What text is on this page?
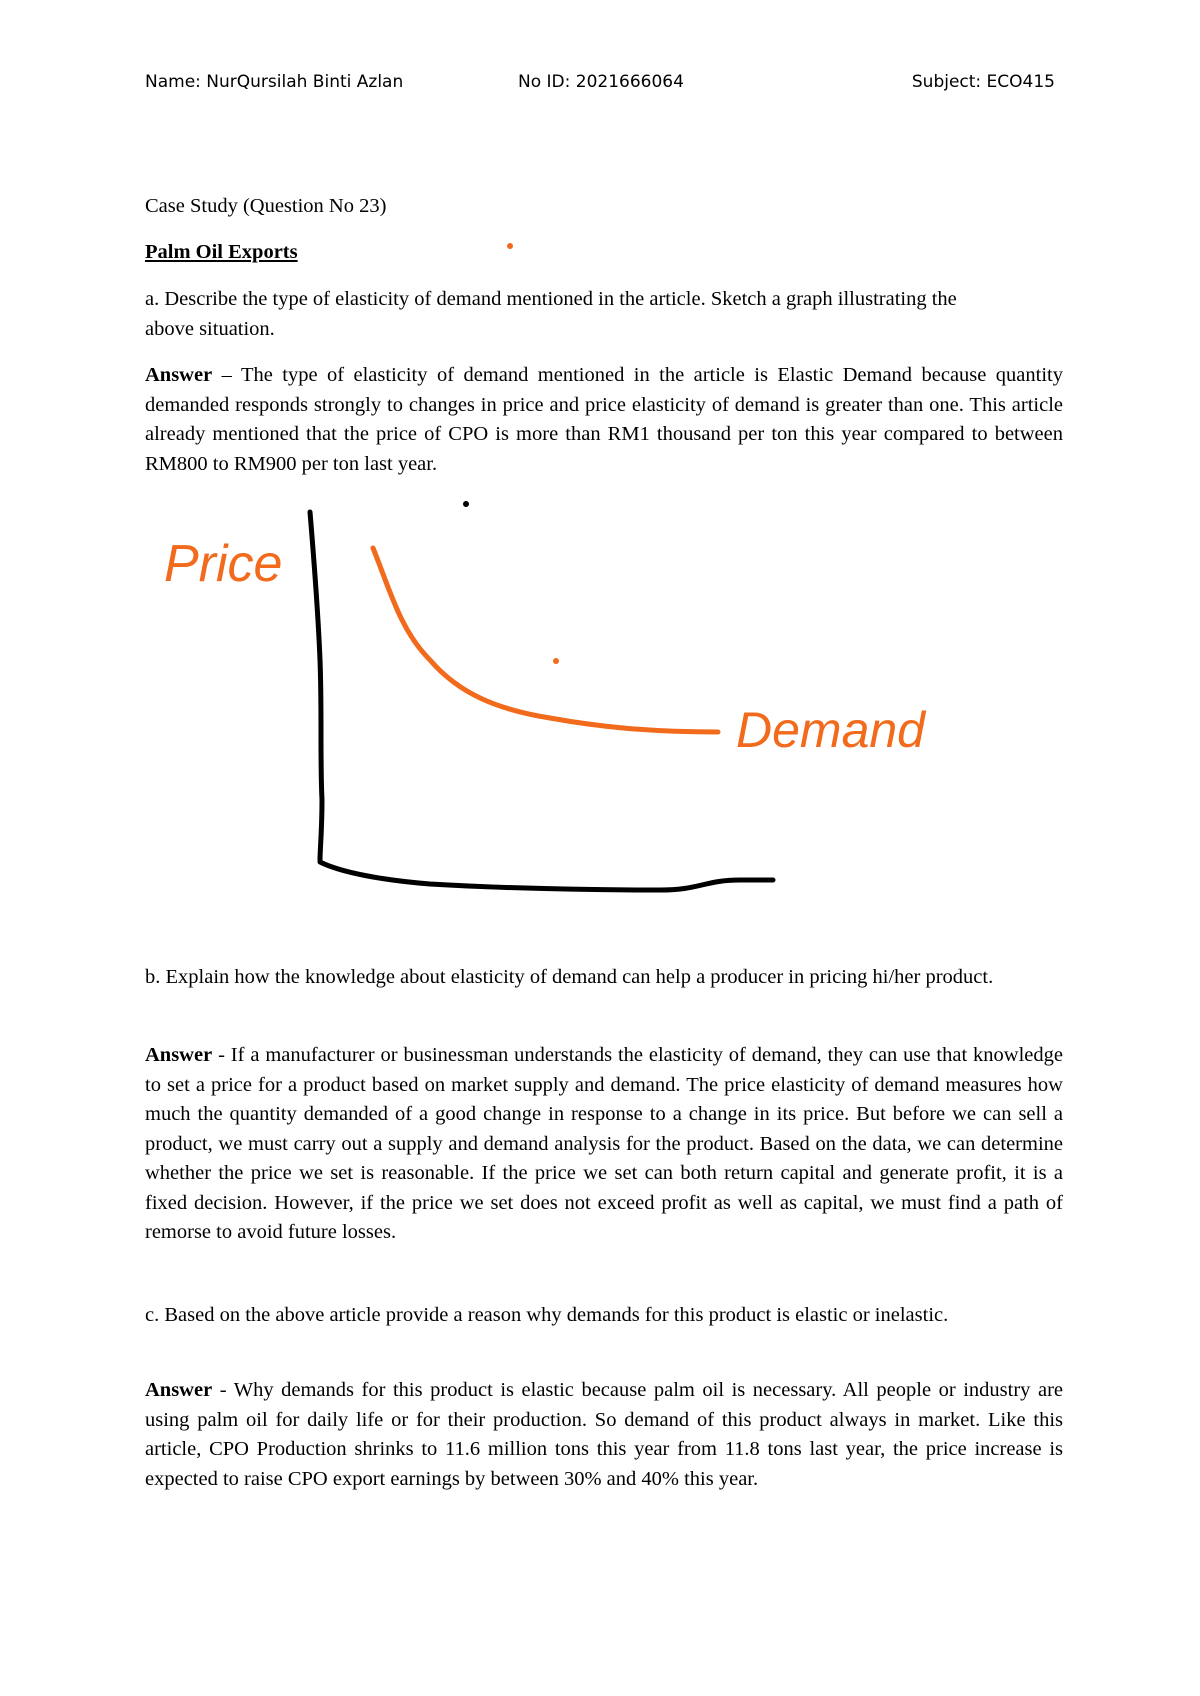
Name: NurQursilah Binti Azlan	No ID: 2021666064	Subject: ECO415

Case Study (Question No 23)

Palm Oil Exports

a. Describe the type of elasticity of demand mentioned in the article. Sketch a graph illustrating the above situation.

Answer – The type of elasticity of demand mentioned in the article is Elastic Demand because quantity demanded responds strongly to changes in price and price elasticity of demand is greater than one. This article already mentioned that the price of CPO is more than RM1 thousand per ton this year compared to between RM800 to RM900 per ton last year.

Price
Demand

b. Explain how the knowledge about elasticity of demand can help a producer in pricing hi/her product.

Answer - If a manufacturer or businessman understands the elasticity of demand, they can use that knowledge to set a price for a product based on market supply and demand. The price elasticity of demand measures how much the quantity demanded of a good change in response to a change in its price. But before we can sell a product, we must carry out a supply and demand analysis for the product. Based on the data, we can determine whether the price we set is reasonable. If the price we set can both return capital and generate profit, it is a fixed decision. However, if the price we set does not exceed profit as well as capital, we must find a path of remorse to avoid future losses.

c. Based on the above article provide a reason why demands for this product is elastic or inelastic.

Answer - Why demands for this product is elastic because palm oil is necessary. All people or industry are using palm oil for daily life or for their production. So demand of this product always in market. Like this article, CPO Production shrinks to 11.6 million tons this year from 11.8 tons last year, the price increase is expected to raise CPO export earnings by between 30% and 40% this year.
